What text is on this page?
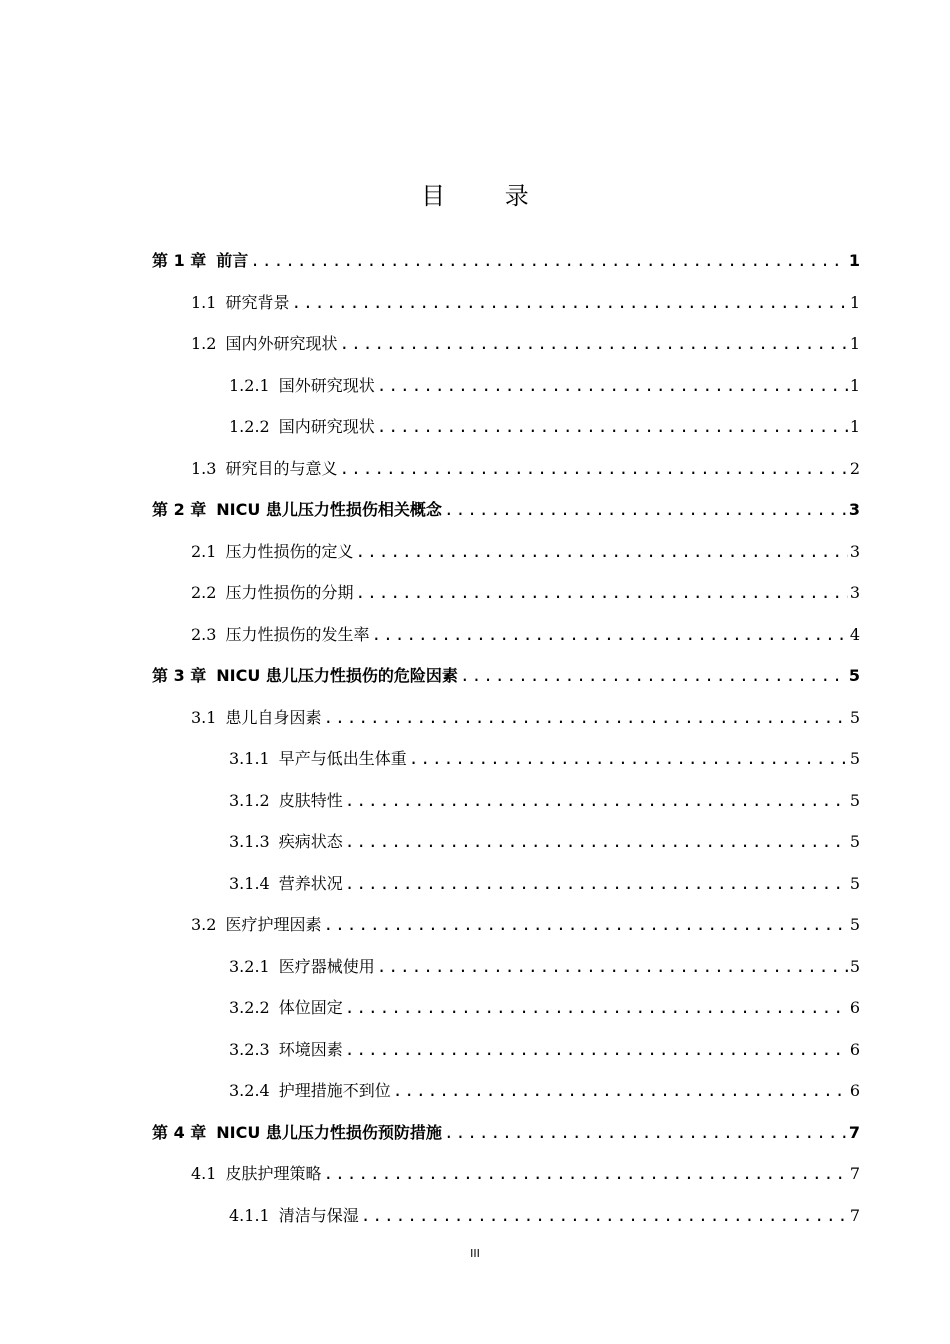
目 录
第 1 章 前言 .....	1
1.1 研究背景 .....	1
1.2 国内外研究现状 .....	1
1.2.1 国外研究现状 .....	1
1.2.2 国内研究现状 .....	1
1.3 研究目的与意义 .....	2
第 2 章 NICU 患儿压力性损伤相关概念 .....	3
2.1 压力性损伤的定义 .....	3
2.2 压力性损伤的分期 .....	3
2.3 压力性损伤的发生率 .....	4
第 3 章 NICU 患儿压力性损伤的危险因素 .....	5
3.1 患儿自身因素 .....	5
3.1.1 早产与低出生体重 .....	5
3.1.2 皮肤特性 .....	5
3.1.3 疾病状态 .....	5
3.1.4 营养状况 .....	5
3.2 医疗护理因素 .....	5
3.2.1 医疗器械使用 .....	5
3.2.2 体位固定 .....	6
3.2.3 环境因素 .....	6
3.2.4 护理措施不到位 .....	6
第 4 章 NICU 患儿压力性损伤预防措施 .....	7
4.1 皮肤护理策略 .....	7
4.1.1 清洁与保湿 .....	7
III
